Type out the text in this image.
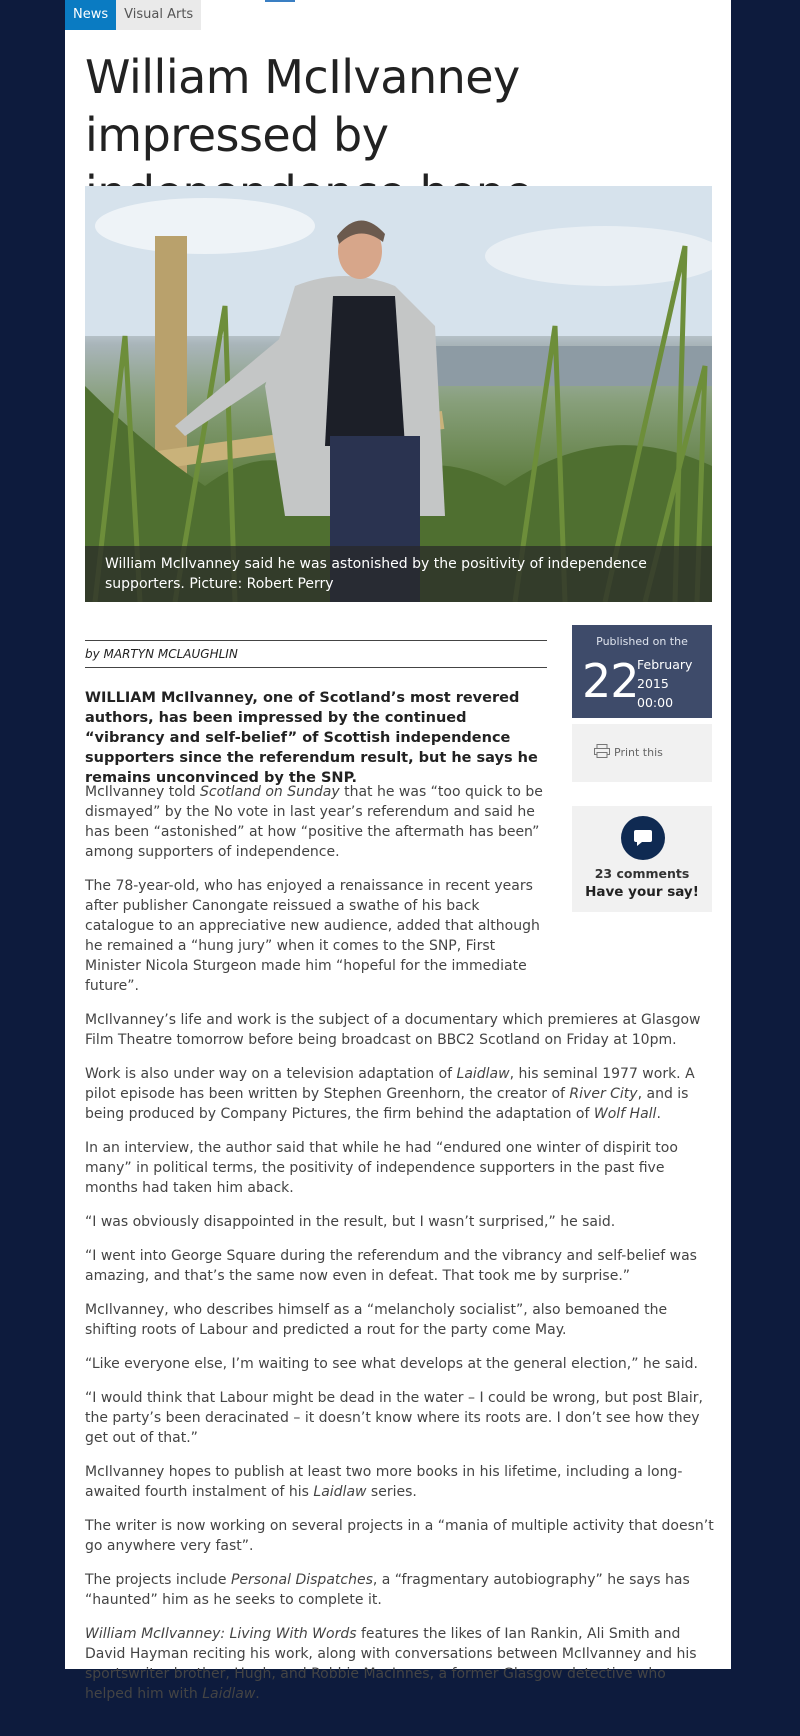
News	Visual Arts
William McIlvanney impressed by
William McIlvanney said he was astonished by the positivity of independence supporters. Picture: Robert Perry
by MARTYN MCLAUGHLIN

WILLIAM McIlvanney, one of Scotland’s most revered authors, has been impressed by the continued “vibrancy and self-belief” of Scottish independence supporters since the referendum result, but he says he remains unconvinced by the SNP.

Published on the
22
February
2015
00:00
Print this
23 comments
Have your say!

McIlvanney told Scotland on Sunday that he was “too quick to be dismayed” by the No vote in last year’s referendum and said he has been “astonished” at how “positive the aftermath has been” among supporters of independence.

The 78-year-old, who has enjoyed a renaissance in recent years after publisher Canongate reissued a swathe of his back catalogue to an appreciative new audience, added that although he remained a “hung jury” when it comes to the SNP, First Minister Nicola Sturgeon made him “hopeful for the immediate future”.

McIlvanney’s life and work is the subject of a documentary which premieres at Glasgow Film Theatre tomorrow before being broadcast on BBC2 Scotland on Friday at 10pm.

Work is also under way on a television adaptation of Laidlaw, his seminal 1977 work. A pilot episode has been written by Stephen Greenhorn, the creator of River City, and is being produced by Company Pictures, the firm behind the adaptation of Wolf Hall.

In an interview, the author said that while he had “endured one winter of dispirit too many” in political terms, the positivity of independence supporters in the past five months had taken him aback.

“I was obviously disappointed in the result, but I wasn’t surprised,” he said.

“I went into George Square during the referendum and the vibrancy and self-belief was amazing, and that’s the same now even in defeat. That took me by surprise.”

McIlvanney, who describes himself as a “melancholy socialist”, also bemoaned the shifting roots of Labour and predicted a rout for the party come May.

“Like everyone else, I’m waiting to see what develops at the general election,” he said.

“I would think that Labour might be dead in the water – I could be wrong, but post Blair, the party’s been deracinated – it doesn’t know where its roots are. I don’t see how they get out of that.”

McIlvanney hopes to publish at least two more books in his lifetime, including a long-awaited fourth instalment of his Laidlaw series.

The writer is now working on several projects in a “mania of multiple activity that doesn’t go anywhere very fast”.

The projects include Personal Dispatches, a “fragmentary autobiography” he says has “haunted” him as he seeks to complete it.

William McIlvanney: Living With Words features the likes of Ian Rankin, Ali Smith and David Hayman reciting his work, along with conversations between McIlvanney and his sportswriter brother, Hugh, and Robbie MacInnes, a former Glasgow detective who helped him with Laidlaw.
